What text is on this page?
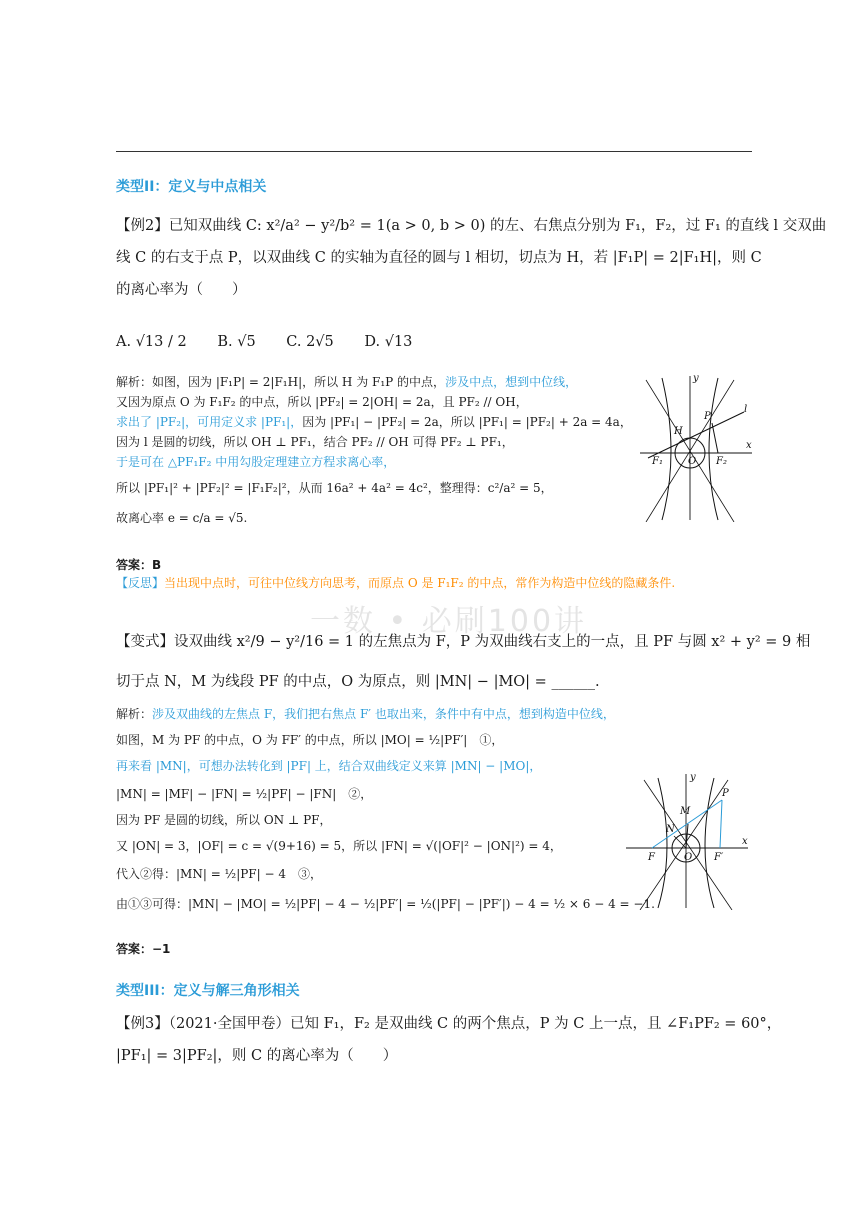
一数 • 必刷100讲
类型II：定义与中点相关
【例2】已知双曲线 C: x²/a² − y²/b² = 1(a > 0, b > 0) 的左、右焦点分别为 F₁，F₂，过 F₁ 的直线 l 交双曲
线 C 的右支于点 P，以双曲线 C 的实轴为直径的圆与 l 相切，切点为 H，若 |F₁P| = 2|F₁H|，则 C
的离心率为（　　）
A. √13 / 2 B. √5 C. 2√5 D. √13
解析：如图，因为 |F₁P| = 2|F₁H|，所以 H 为 F₁P 的中点，涉及中点，想到中位线，
又因为原点 O 为 F₁F₂ 的中点，所以 |PF₂| = 2|OH| = 2a，且 PF₂ // OH，
求出了 |PF₂|，可用定义求 |PF₁|，因为 |PF₁| − |PF₂| = 2a，所以 |PF₁| = |PF₂| + 2a = 4a，
因为 l 是圆的切线，所以 OH ⊥ PF₁，结合 PF₂ // OH 可得 PF₂ ⊥ PF₁，
于是可在 △PF₁F₂ 中用勾股定理建立方程求离心率，
所以 |PF₁|² + |PF₂|² = |F₁F₂|²，从而 16a² + 4a² = 4c²，整理得：c²/a² = 5，
故离心率 e = c/a = √5.
答案：B
【反思】当出现中点时，可往中位线方向思考，而原点 O 是 F₁F₂ 的中点，常作为构造中位线的隐藏条件.
y
x
P
l
H
O
F₁	F₂
【变式】设双曲线 x²/9 − y²/16 = 1 的左焦点为 F，P 为双曲线右支上的一点，且 PF 与圆 x² + y² = 9 相
切于点 N，M 为线段 PF 的中点，O 为原点，则 |MN| − |MO| = ______.
解析：涉及双曲线的左焦点 F，我们把右焦点 F′ 也取出来，条件中有中点，想到构造中位线，
如图，M 为 PF 的中点，O 为 FF′ 的中点，所以 |MO| = ½|PF′|　①，
再来看 |MN|，可想办法转化到 |PF| 上，结合双曲线定义来算 |MN| − |MO|，
|MN| = |MF| − |FN| = ½|PF| − |FN|　②，
因为 PF 是圆的切线，所以 ON ⊥ PF，
又 |ON| = 3，|OF| = c = √(9+16) = 5，所以 |FN| = √(|OF|² − |ON|²) = 4，
代入②得：|MN| = ½|PF| − 4　③，
由①③可得：|MN| − |MO| = ½|PF| − 4 − ½|PF′| = ½(|PF| − |PF′|) − 4 = ½ × 6 − 4 = −1.
答案：−1
y
x
P
M
N
F	O F′
类型III：定义与解三角形相关
【例3】（2021·全国甲卷）已知 F₁，F₂ 是双曲线 C 的两个焦点，P 为 C 上一点，且 ∠F₁PF₂ = 60°，
|PF₁| = 3|PF₂|，则 C 的离心率为（　　）
